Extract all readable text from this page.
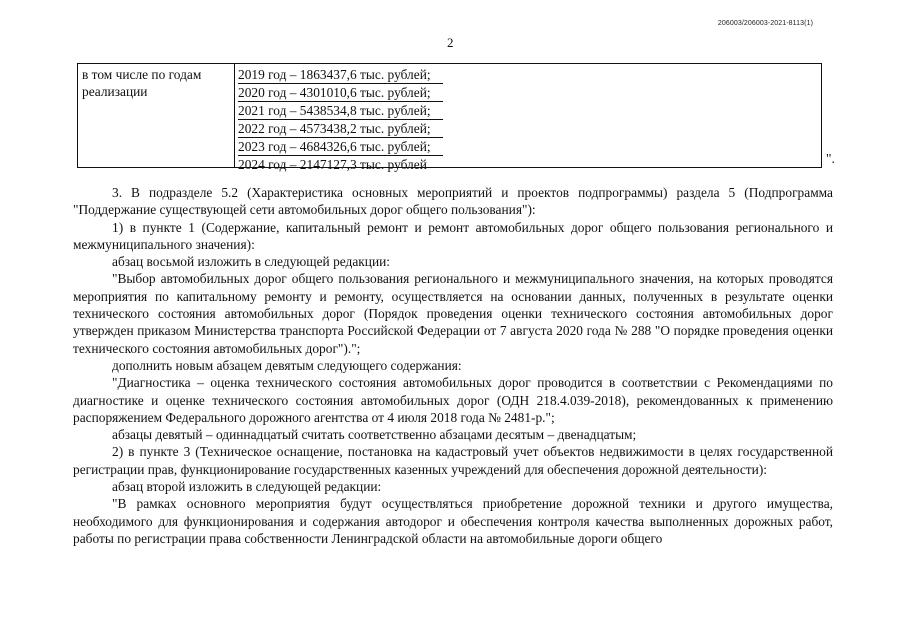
206003/206003-2021-8113(1)
2
в том числе по годам реализации
2019 год – 1863437,6 тыс. рублей;
2020 год – 4301010,6 тыс. рублей;
2021 год – 5438534,8 тыс. рублей;
2022 год – 4573438,2 тыс. рублей;
2023 год – 4684326,6 тыс. рублей;
2024 год – 2147127,3 тыс. рублей	".

3. В подразделе 5.2 (Характеристика основных мероприятий и проектов подпрограммы) раздела 5 (Подпрограмма "Поддержание существующей сети автомобильных дорог общего пользования"):

1) в пункте 1 (Содержание, капитальный ремонт и ремонт автомобильных дорог общего пользования регионального и межмуниципального значения):

абзац восьмой изложить в следующей редакции:

"Выбор автомобильных дорог общего пользования регионального и межмуниципального значения, на которых проводятся мероприятия по капитальному ремонту и ремонту, осуществляется на основании данных, полученных в результате оценки технического состояния автомобильных дорог (Порядок проведения оценки технического состояния автомобильных дорог утвержден приказом Министерства транспорта Российской Федерации от 7 августа 2020 года № 288 "О порядке проведения оценки технического состояния автомобильных дорог").";

дополнить новым абзацем девятым следующего содержания:

"Диагностика – оценка технического состояния автомобильных дорог проводится в соответствии с Рекомендациями по диагностике и оценке технического состояния автомобильных дорог (ОДН 218.4.039-2018), рекомендованных к применению распоряжением Федерального дорожного агентства от 4 июля 2018 года № 2481-р.";

абзацы девятый – одиннадцатый считать соответственно абзацами десятым – двенадцатым;

2) в пункте 3 (Техническое оснащение, постановка на кадастровый учет объектов недвижимости в целях государственной регистрации прав, функционирование государственных казенных учреждений для обеспечения дорожной деятельности):

абзац второй изложить в следующей редакции:

"В рамках основного мероприятия будут осуществляться приобретение дорожной техники и другого имущества, необходимого для функционирования и содержания автодорог и обеспечения контроля качества выполненных дорожных работ, работы по регистрации права собственности Ленинградской области на автомобильные дороги общего
